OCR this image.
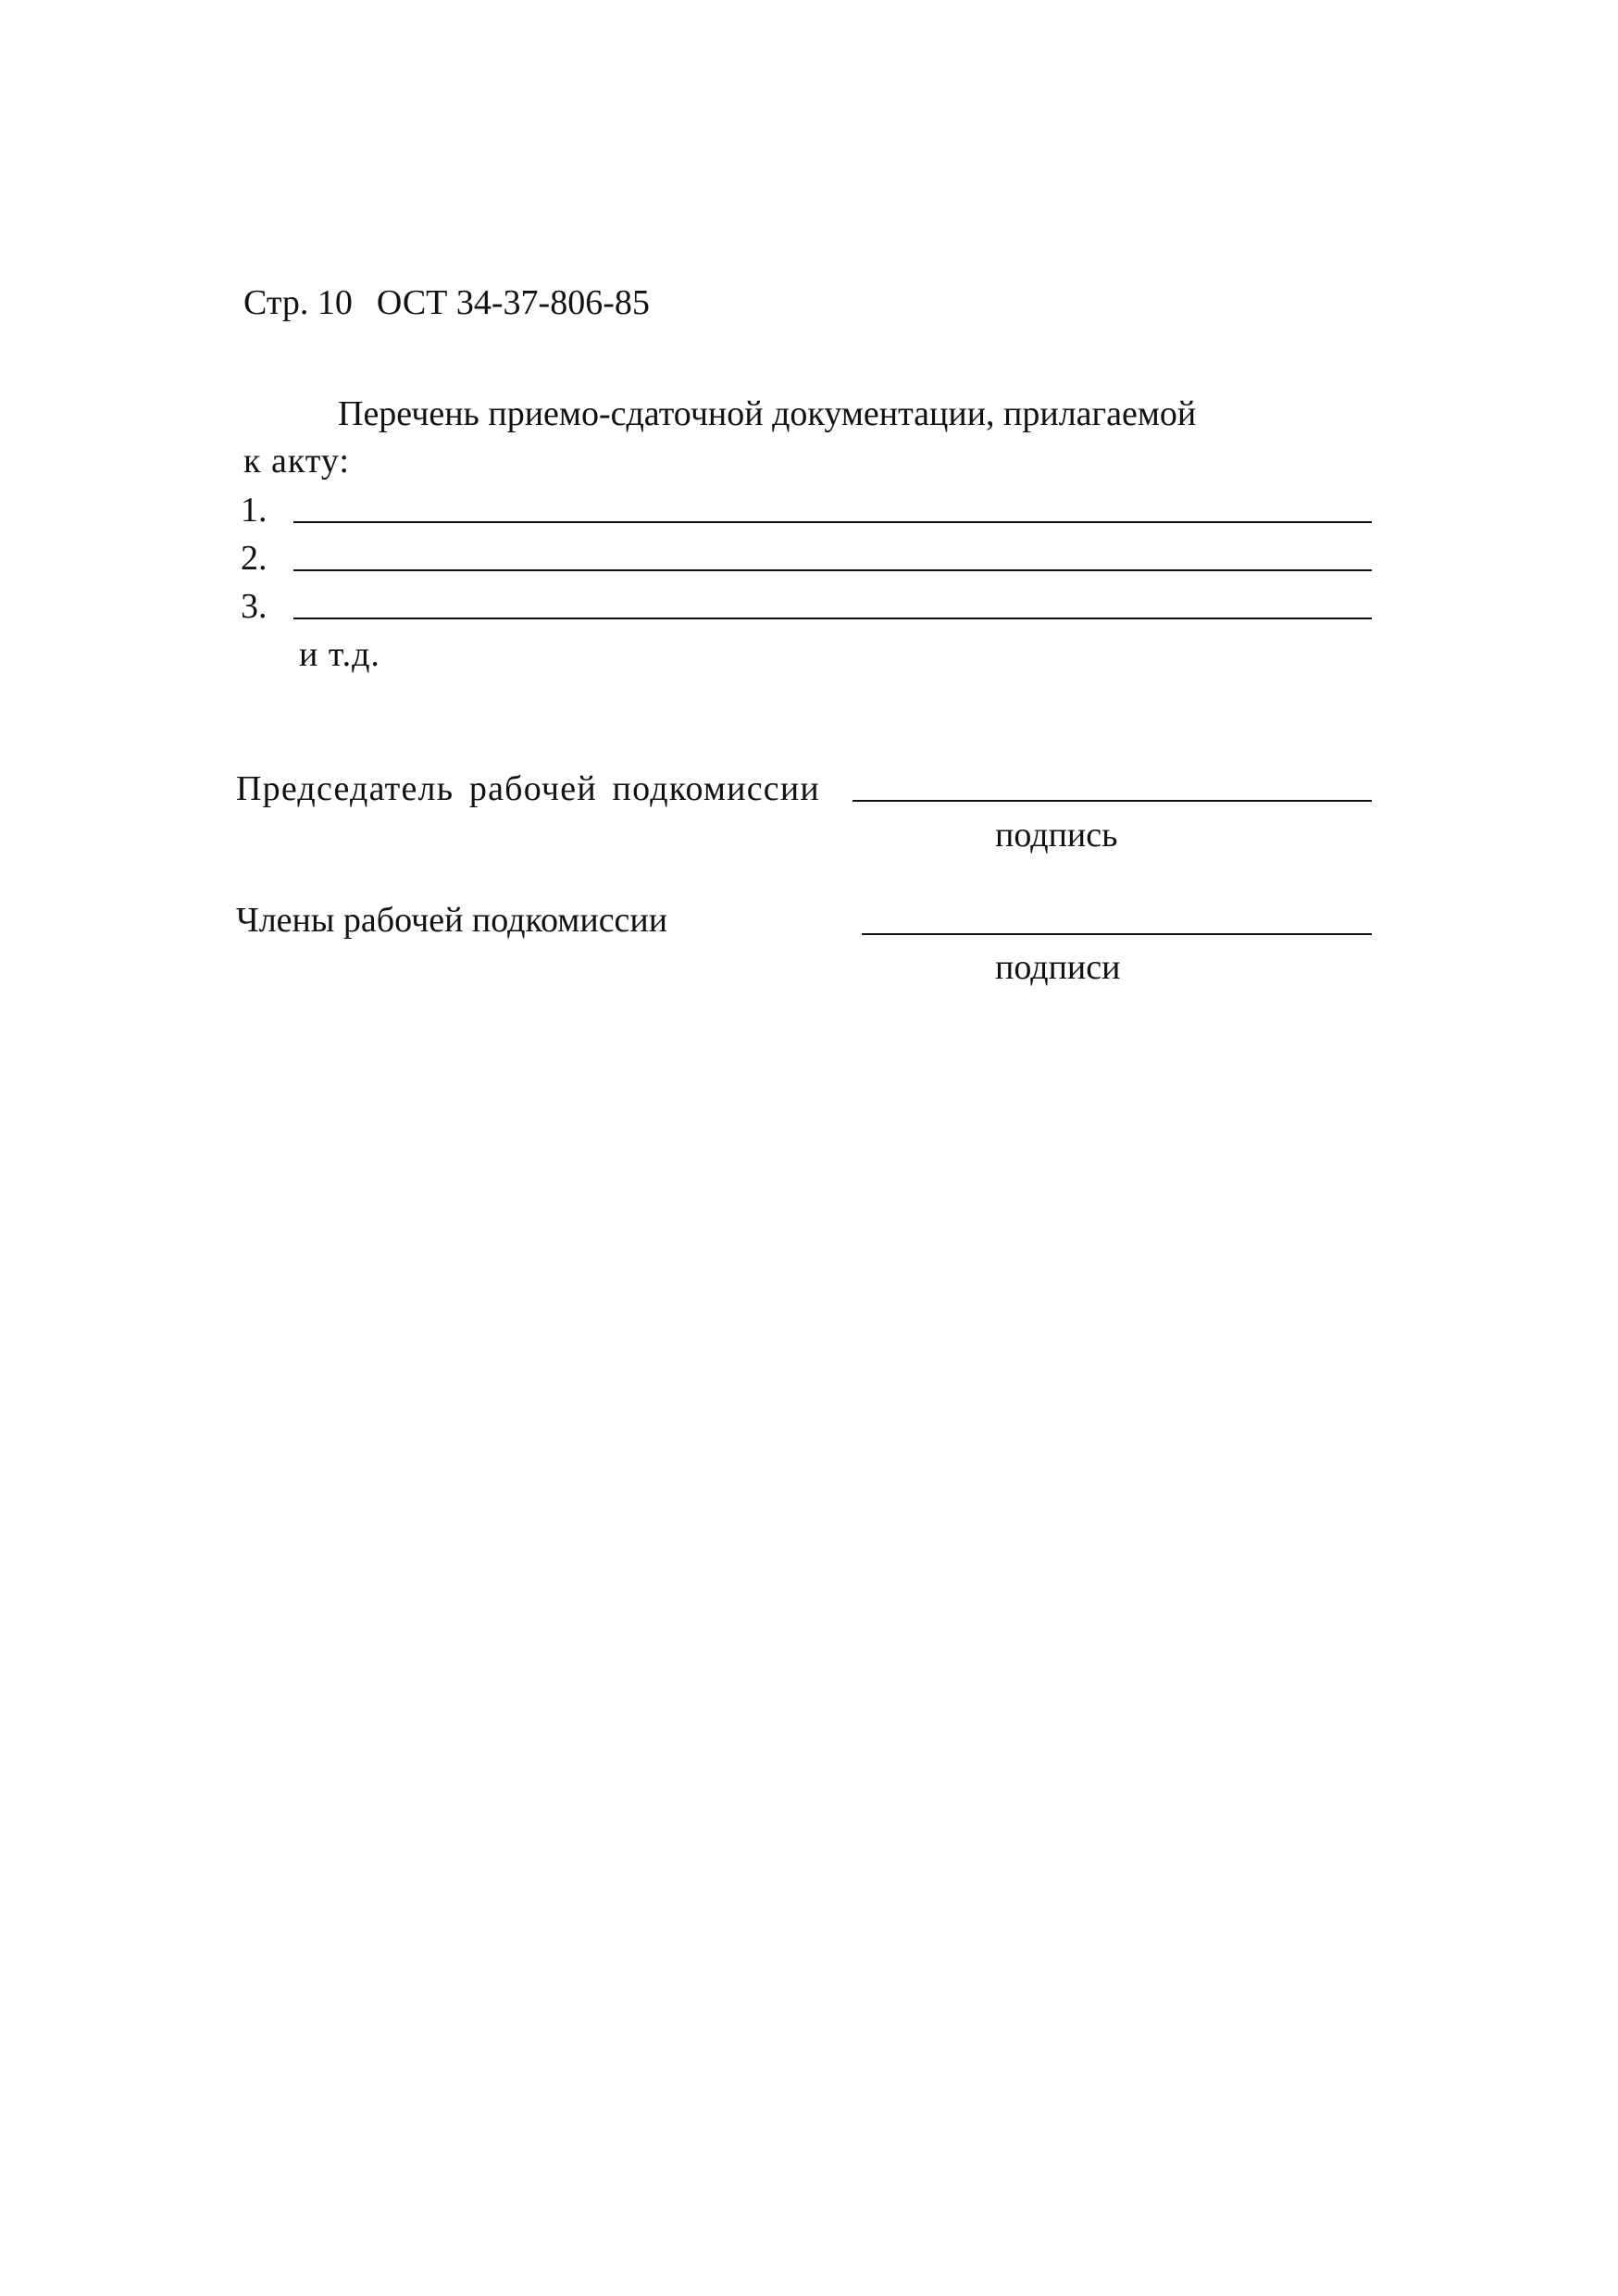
Стр. 10 ОСТ 34-37-806-85
Перечень приемо-сдаточной документации, прилагаемой
к акту:
1.
2.
3.
и т.д.
Председатель рабочей подкомиссии
подпись
Члены рабочей подкомиссии
подписи
